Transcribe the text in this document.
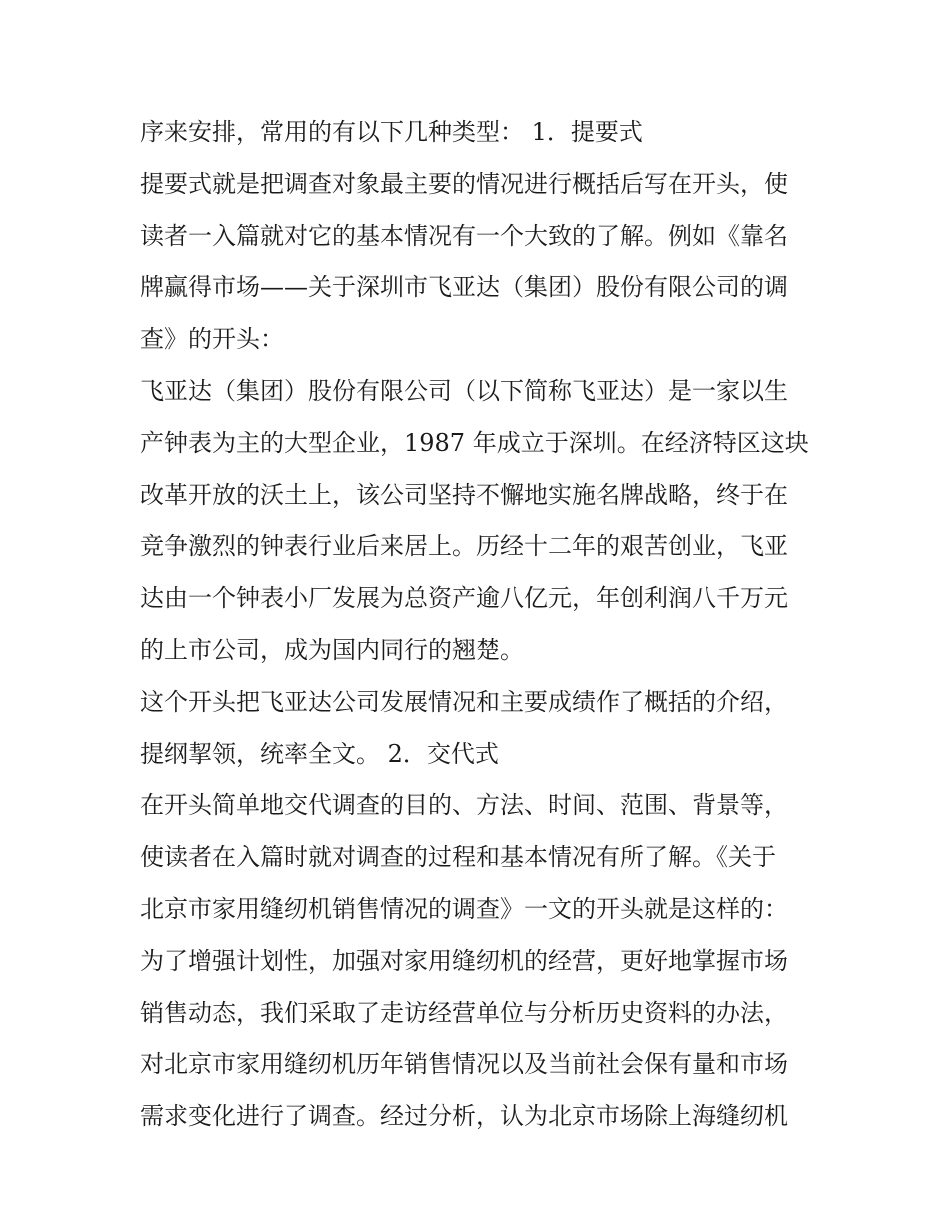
序来安排，常用的有以下几种类型： 1．提要式
提要式就是把调查对象最主要的情况进行概括后写在开头，使
读者一入篇就对它的基本情况有一个大致的了解。例如《靠名
牌赢得市场——关于深圳市飞亚达（集团）股份有限公司的调
查》的开头：
飞亚达（集团）股份有限公司（以下简称飞亚达）是一家以生
产钟表为主的大型企业，1987 年成立于深圳。在经济特区这块
改革开放的沃土上，该公司坚持不懈地实施名牌战略，终于在
竞争激烈的钟表行业后来居上。历经十二年的艰苦创业，飞亚
达由一个钟表小厂发展为总资产逾八亿元，年创利润八千万元
的上市公司，成为国内同行的翘楚。
这个开头把飞亚达公司发展情况和主要成绩作了概括的介绍，
提纲挈领，统率全文。 2．交代式
在开头简单地交代调查的目的、方法、时间、范围、背景等，
使读者在入篇时就对调查的过程和基本情况有所了解。《关于
北京市家用缝纫机销售情况的调查》一文的开头就是这样的：
为了增强计划性，加强对家用缝纫机的经营，更好地掌握市场
销售动态，我们采取了走访经营单位与分析历史资料的办法，
对北京市家用缝纫机历年销售情况以及当前社会保有量和市场
需求变化进行了调查。经过分析，认为北京市场除上海缝纫机
